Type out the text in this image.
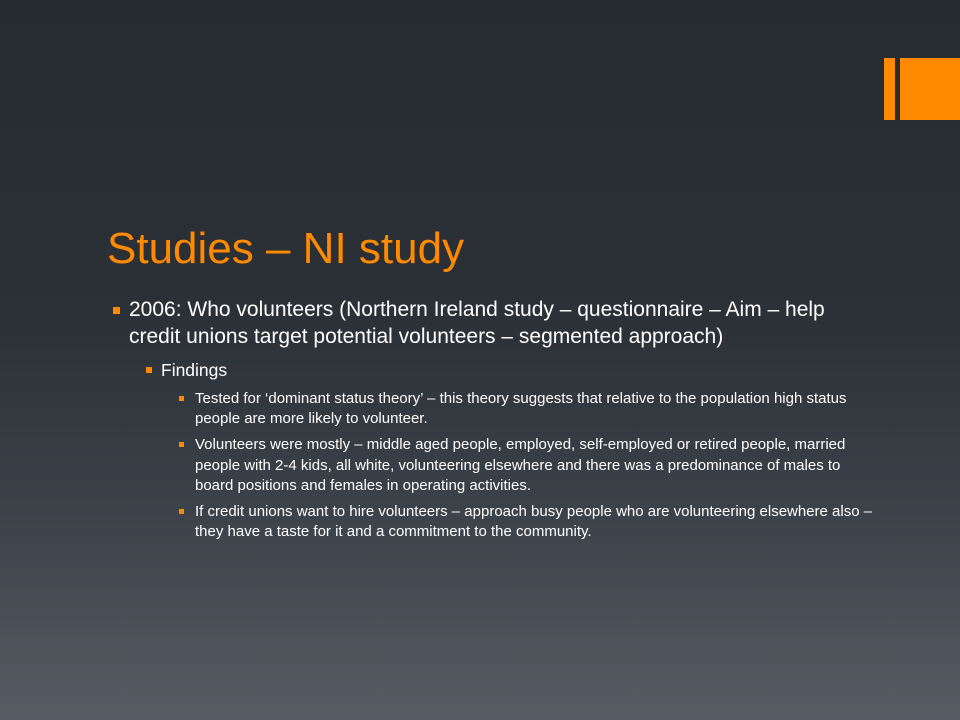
Studies – NI study
2006: Who volunteers (Northern Ireland study – questionnaire – Aim – help credit unions target potential volunteers – segmented approach)
Findings
Tested for ‘dominant status theory’ – this theory suggests that relative to the population high status people are more likely to volunteer.
Volunteers were mostly – middle aged people, employed, self-employed or retired people, married people with 2-4 kids, all white, volunteering elsewhere and there was a predominance of males to board positions and females in operating activities.
If credit unions want to hire volunteers – approach busy people who are volunteering elsewhere also – they have a taste for it and a commitment to the community.
